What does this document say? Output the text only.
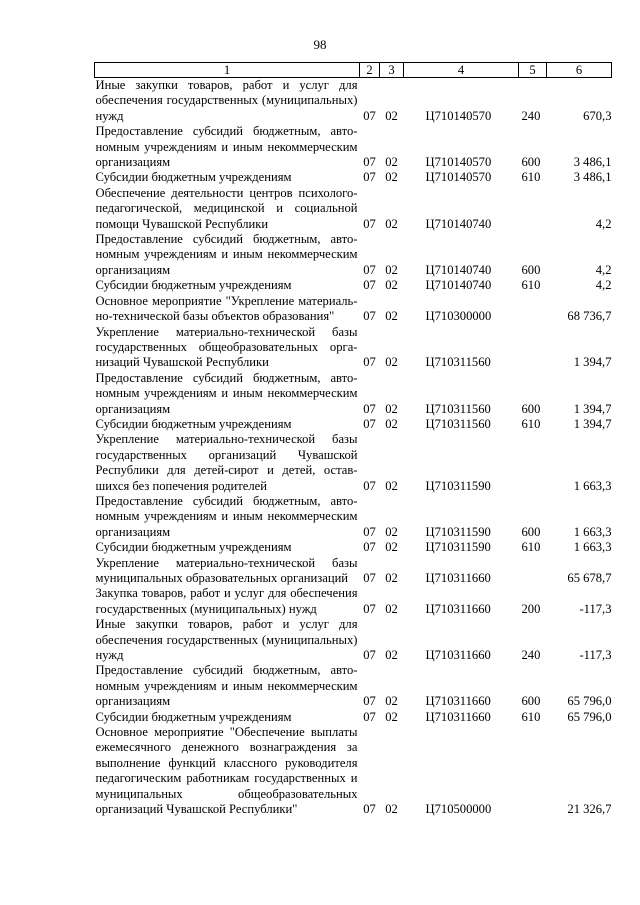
98
1	2	3	4	5	6
Иные закупки товаров, работ и услуг для обеспечения государственных (муниципальных) нужд	07	02	Ц710140570	240	670,3
Предоставление субсидий бюджетным, автономным учреждениям и иным некоммерческим организациям	07	02	Ц710140570	600	3 486,1
Субсидии бюджетным учреждениям	07	02	Ц710140570	610	3 486,1
Обеспечение деятельности центров психолого-педагогической, медицинской и социальной помощи Чувашской Республики	07	02	Ц710140740		4,2
Предоставление субсидий бюджетным, автономным учреждениям и иным некоммерческим организациям	07	02	Ц710140740	600	4,2
Субсидии бюджетным учреждениям	07	02	Ц710140740	610	4,2
Основное мероприятие "Укрепление материально-технической базы объектов образования"	07	02	Ц710300000		68 736,7
Укрепление материально-технической базы государственных общеобразовательных организаций Чувашской Республики	07	02	Ц710311560		1 394,7
Предоставление субсидий бюджетным, автономным учреждениям и иным некоммерческим организациям	07	02	Ц710311560	600	1 394,7
Субсидии бюджетным учреждениям	07	02	Ц710311560	610	1 394,7
Укрепление материально-технической базы государственных организаций Чувашской Республики для детей-сирот и детей, оставшихся без попечения родителей	07	02	Ц710311590		1 663,3
Предоставление субсидий бюджетным, автономным учреждениям и иным некоммерческим организациям	07	02	Ц710311590	600	1 663,3
Субсидии бюджетным учреждениям	07	02	Ц710311590	610	1 663,3
Укрепление материально-технической базы муниципальных образовательных организаций	07	02	Ц710311660		65 678,7
Закупка товаров, работ и услуг для обеспечения государственных (муниципальных) нужд	07	02	Ц710311660	200	-117,3
Иные закупки товаров, работ и услуг для обеспечения государственных (муниципальных) нужд	07	02	Ц710311660	240	-117,3
Предоставление субсидий бюджетным, автономным учреждениям и иным некоммерческим организациям	07	02	Ц710311660	600	65 796,0
Субсидии бюджетным учреждениям	07	02	Ц710311660	610	65 796,0
Основное мероприятие "Обеспечение выплаты ежемесячного денежного вознаграждения за выполнение функций классного руководителя педагогическим работникам государственных и муниципальных общеобразовательных организаций Чувашской Республики"	07	02	Ц710500000		21 326,7
